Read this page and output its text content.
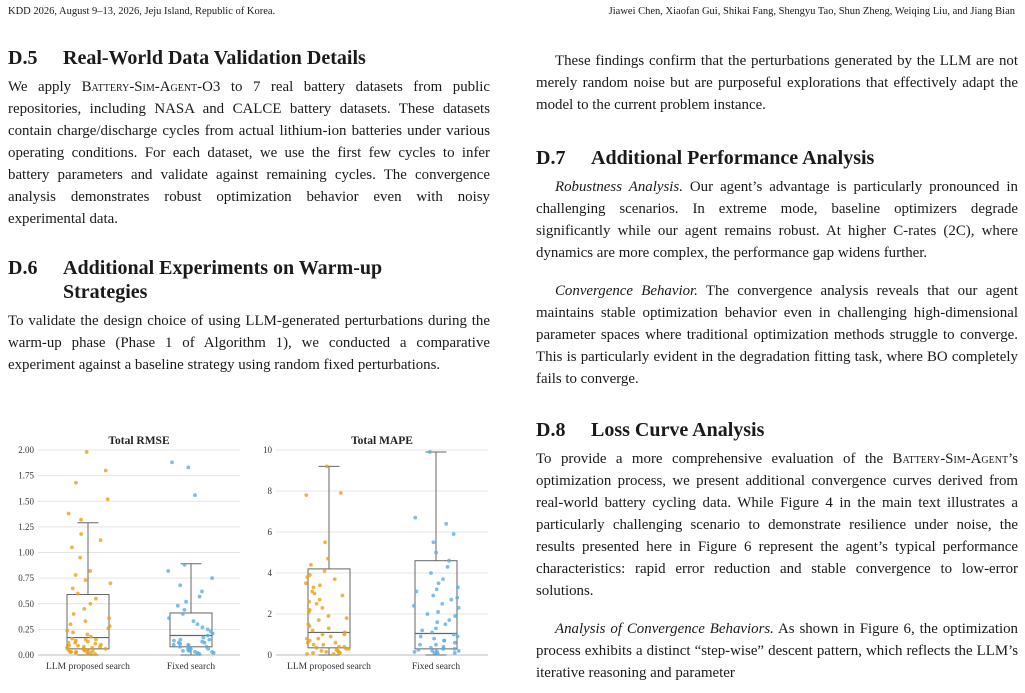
KDD 2026, August 9–13, 2026, Jeju Island, Republic of Korea.	Jiawei Chen, Xiaofan Gui, Shikai Fang, Shengyu Tao, Shun Zheng, Weiqing Liu, and Jiang Bian
D.5	Real-World Data Validation Details

We apply Battery-Sim-Agent-O3 to 7 real battery datasets from public repositories, including NASA and CALCE battery datasets. These datasets contain charge/discharge cycles from actual lithium-ion batteries under various operating conditions. For each dataset, we use the first few cycles to infer battery parameters and validate against remaining cycles. The convergence analysis demonstrates robust optimization behavior even with noisy experimental data.

D.6	Additional Experiments on Warm-up Strategies

To validate the design choice of using LLM-generated perturbations during the warm-up phase (Phase 1 of Algorithm 1), we conducted a comparative experiment against a baseline strategy using random fixed perturbations.

Total RMSE
0.00
0.25
0.50
0.75
1.00
1.25
1.50
1.75
2.00
LLM proposed search	Fixed search
Total MAPE
0
2
4
6
8
10
LLM proposed search	Fixed search

These findings confirm that the perturbations generated by the LLM are not merely random noise but are purposeful explorations that effectively adapt the model to the current problem instance.

D.7	Additional Performance Analysis

Robustness Analysis. Our agent’s advantage is particularly pronounced in challenging scenarios. In extreme mode, baseline optimizers degrade significantly while our agent remains robust. At higher C-rates (2C), where dynamics are more complex, the performance gap widens further.

Convergence Behavior. The convergence analysis reveals that our agent maintains stable optimization behavior even in challenging high-dimensional parameter spaces where traditional optimization methods struggle to converge. This is particularly evident in the degradation fitting task, where BO completely fails to converge.

D.8	Loss Curve Analysis

To provide a more comprehensive evaluation of the Battery-Sim-Agent’s optimization process, we present additional convergence curves derived from real-world battery cycling data. While Figure 4 in the main text illustrates a particularly challenging scenario to demonstrate resilience under noise, the results presented here in Figure 6 represent the agent’s typical performance characteristics: rapid error reduction and stable convergence to low-error solutions.

Analysis of Convergence Behaviors. As shown in Figure 6, the optimization process exhibits a distinct “step-wise” descent pattern, which reflects the LLM’s iterative reasoning and parameter
